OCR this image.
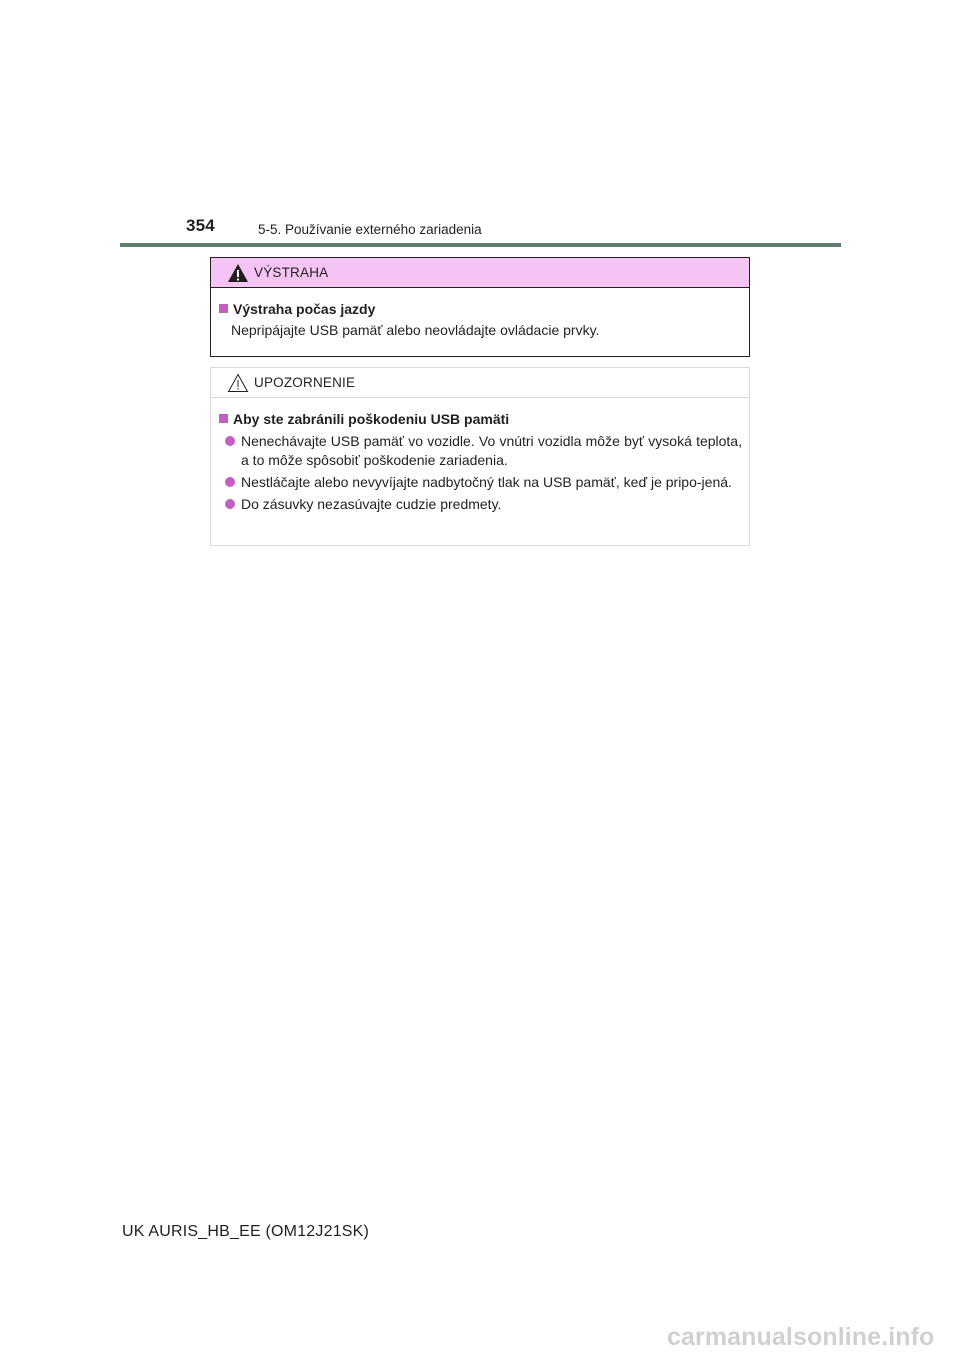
354	5-5. Používanie externého zariadenia
VÝSTRAHA
Výstraha počas jazdy
Nepripájajte USB pamäť alebo neovládajte ovládacie prvky.
UPOZORNENIE
Aby ste zabránili poškodeniu USB pamäti
Nenechávajte USB pamäť vo vozidle. Vo vnútri vozidla môže byť vysoká teplota, a to môže spôsobiť poškodenie zariadenia.
Nestláčajte alebo nevyvíjajte nadbytočný tlak na USB pamäť, keď je pripo-jená.
Do zásuvky nezasúvajte cudzie predmety.
UK AURIS_HB_EE (OM12J21SK)
carmanualsonline.info
